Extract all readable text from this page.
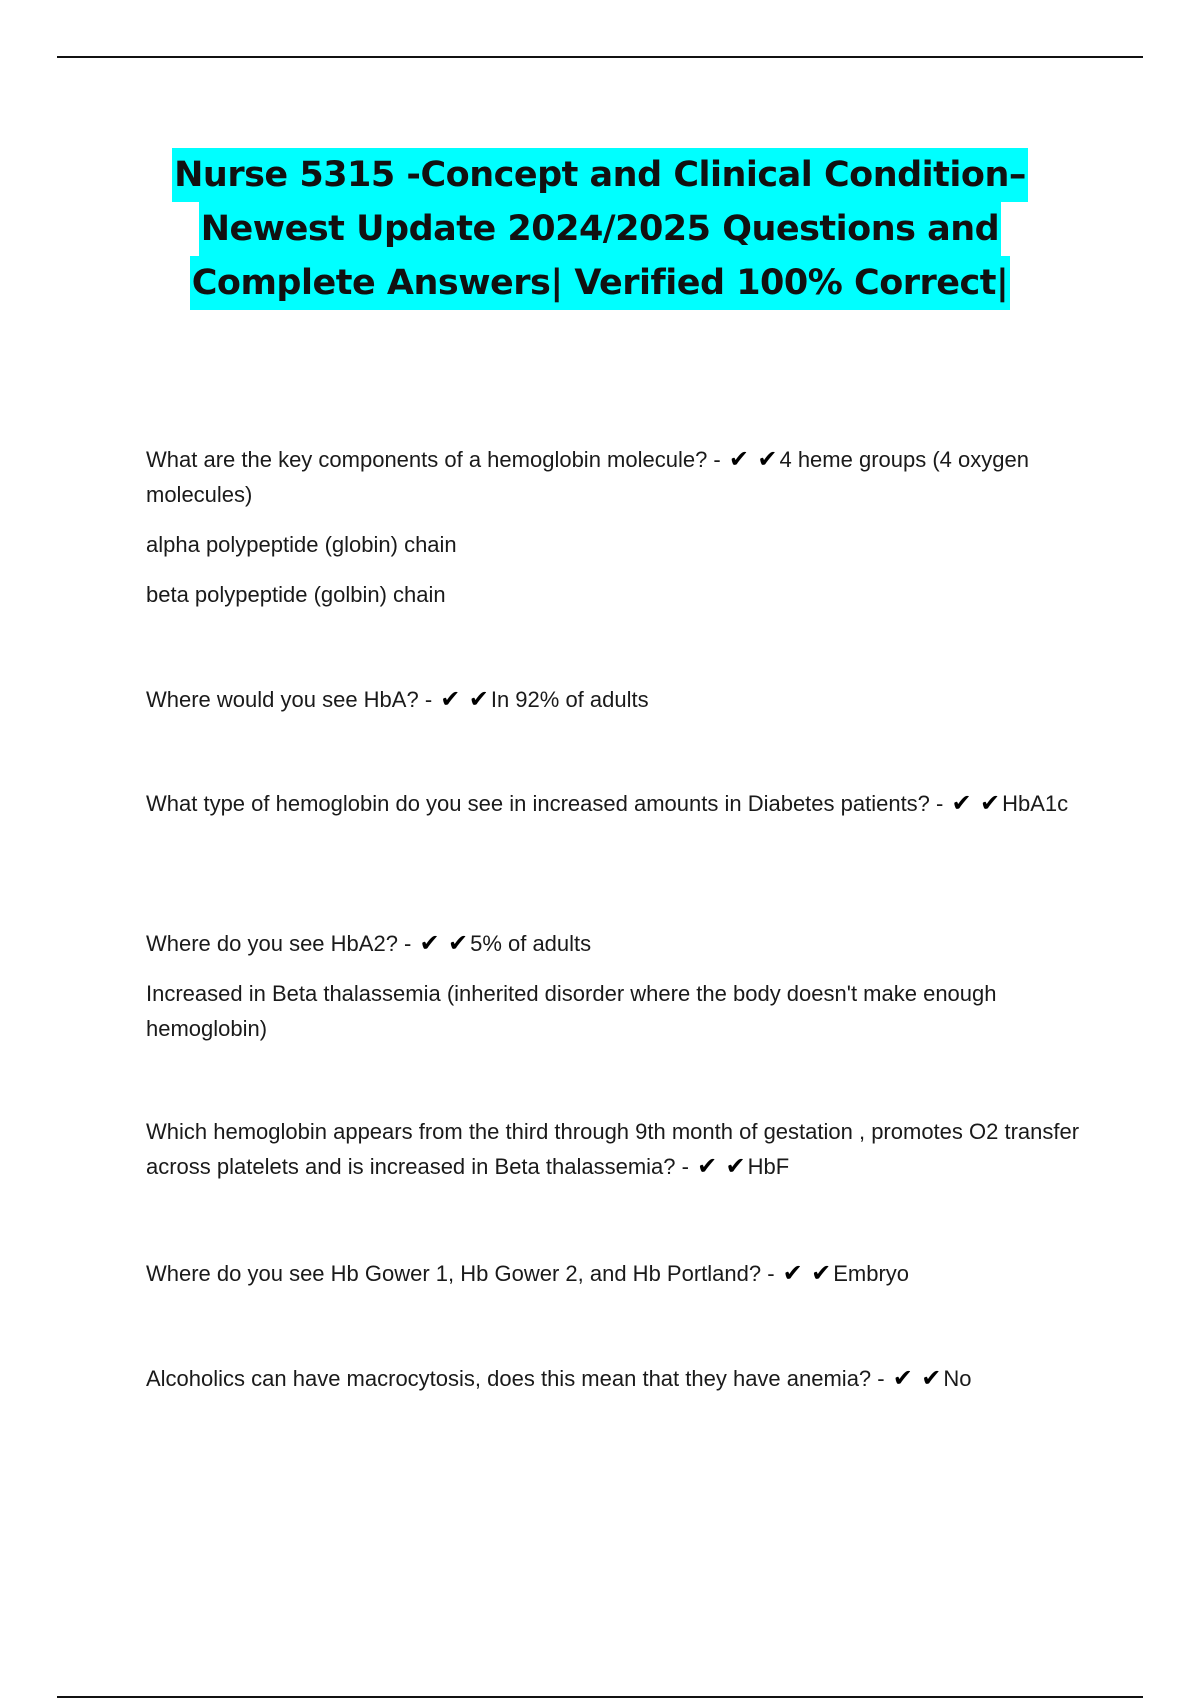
Nurse 5315 -Concept and Clinical Condition–
Newest Update 2024/2025 Questions and
Complete Answers| Verified 100% Correct|

What are the key components of a hemoglobin molecule? - ✔ ✔4 heme groups (4 oxygen molecules)

alpha polypeptide (globin) chain

beta polypeptide (golbin) chain

Where would you see HbA? - ✔ ✔In 92% of adults

What type of hemoglobin do you see in increased amounts in Diabetes patients? - ✔ ✔HbA1c

Where do you see HbA2? - ✔ ✔5% of adults

Increased in Beta thalassemia (inherited disorder where the body doesn't make enough hemoglobin)

Which hemoglobin appears from the third through 9th month of gestation , promotes O2 transfer across platelets and is increased in Beta thalassemia? - ✔ ✔HbF

Where do you see Hb Gower 1, Hb Gower 2, and Hb Portland? - ✔ ✔Embryo

Alcoholics can have macrocytosis, does this mean that they have anemia? - ✔ ✔No
